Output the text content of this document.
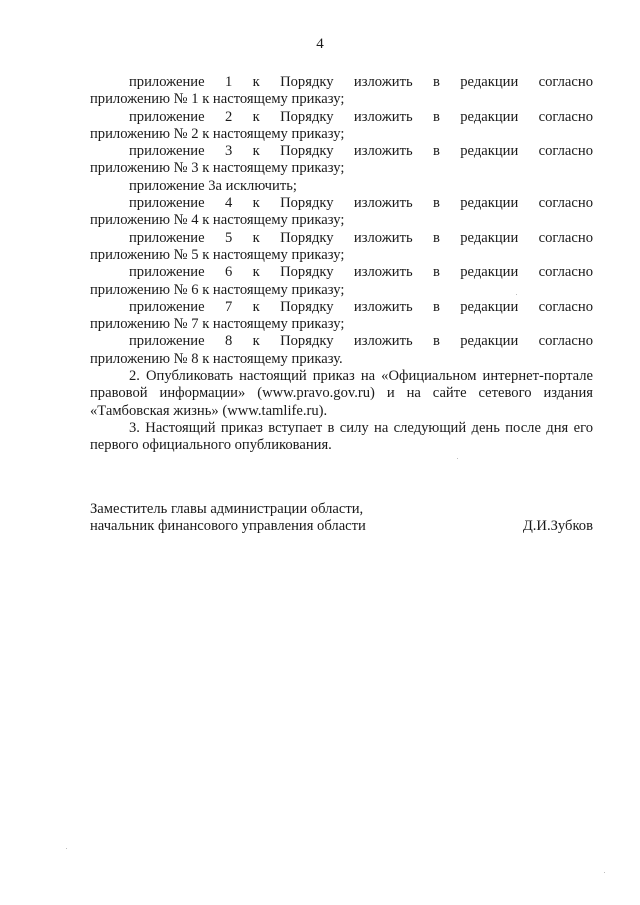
4
приложение 1 к Порядку изложить в редакции согласно
приложению № 1 к настоящему приказу;
приложение 2 к Порядку изложить в редакции согласно
приложению № 2 к настоящему приказу;
приложение 3 к Порядку изложить в редакции согласно
приложению № 3 к настоящему приказу;
приложение 3а исключить;
приложение 4 к Порядку изложить в редакции согласно
приложению № 4 к настоящему приказу;
приложение 5 к Порядку изложить в редакции согласно
приложению № 5 к настоящему приказу;
приложение 6 к Порядку изложить в редакции согласно
приложению № 6 к настоящему приказу;
приложение 7 к Порядку изложить в редакции согласно
приложению № 7 к настоящему приказу;
приложение 8 к Порядку изложить в редакции согласно
приложению № 8 к настоящему приказу.
2. Опубликовать настоящий приказ на «Официальном интернет-портале правовой информации» (www.pravo.gov.ru) и на сайте сетевого издания «Тамбовская жизнь» (www.tamlife.ru).
3. Настоящий приказ вступает в силу на следующий день после дня его первого официального опубликования.
Заместитель главы администрации области,
начальник финансового управления области	Д.И.Зубков
